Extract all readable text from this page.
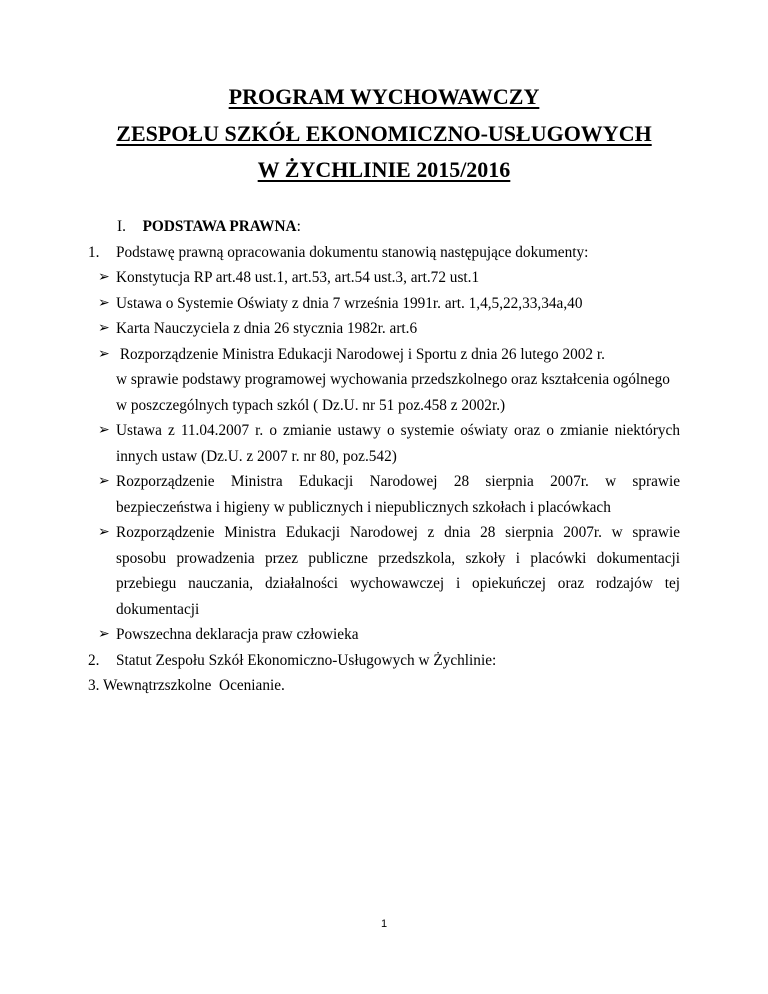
PROGRAM WYCHOWAWCZY
ZESPOŁU SZKÓŁ EKONOMICZNO-USŁUGOWYCH
W ŻYCHLINIE 2015/2016
I. PODSTAWA PRAWNA:
1. Podstawę prawną opracowania dokumentu stanowią następujące dokumenty:
➢ Konstytucja RP art.48 ust.1, art.53, art.54 ust.3, art.72 ust.1
➢ Ustawa o Systemie Oświaty z dnia 7 września 1991r. art. 1,4,5,22,33,34a,40
➢ Karta Nauczyciela z dnia 26 stycznia 1982r. art.6
➢ Rozporządzenie Ministra Edukacji Narodowej i Sportu z dnia 26 lutego 2002 r.
w sprawie podstawy programowej wychowania przedszkolnego oraz kształcenia ogólnego
w poszczególnych typach szkól ( Dz.U. nr 51 poz.458 z 2002r.)
➢ Ustawa z 11.04.2007 r. o zmianie ustawy o systemie oświaty oraz o zmianie niektórych
innych ustaw (Dz.U. z 2007 r. nr 80, poz.542)
➢ Rozporządzenie Ministra Edukacji Narodowej 28 sierpnia 2007r. w sprawie
bezpieczeństwa i higieny w publicznych i niepublicznych szkołach i placówkach
➢ Rozporządzenie Ministra Edukacji Narodowej z dnia 28 sierpnia 2007r. w sprawie
sposobu prowadzenia przez publiczne przedszkola, szkoły i placówki dokumentacji
przebiegu nauczania, działalności wychowawczej i opiekuńczej oraz rodzajów tej
dokumentacji
➢ Powszechna deklaracja praw człowieka
2. Statut Zespołu Szkół Ekonomiczno-Usługowych w Żychlinie:
3. Wewnątrzszkolne  Ocenianie.
1
